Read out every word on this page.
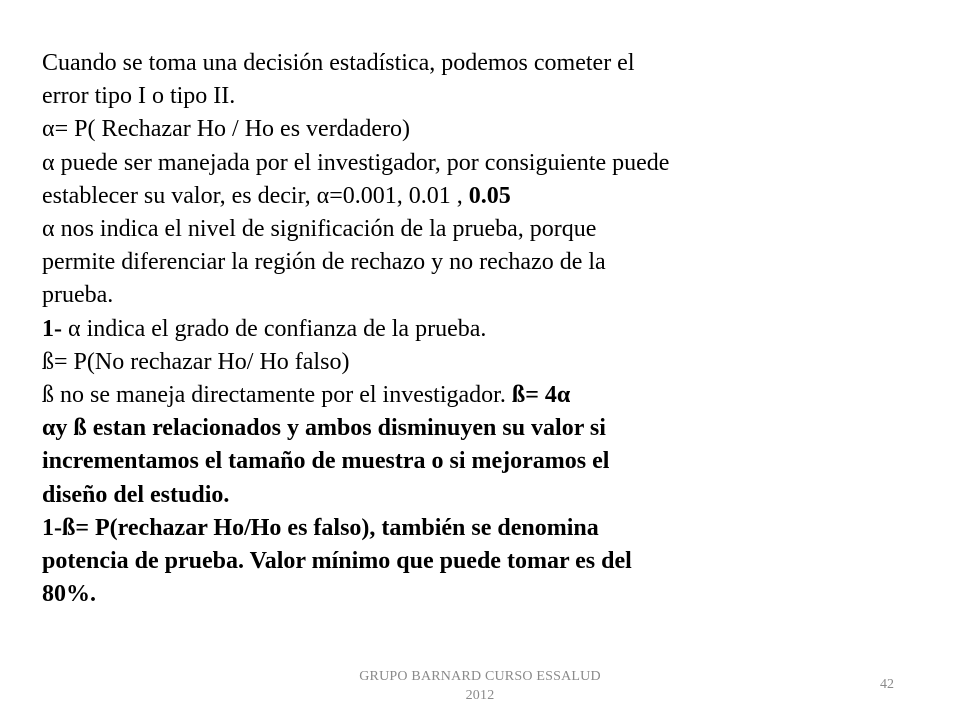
Cuando se toma una decisión estadística, podemos cometer el
error tipo I o tipo II.
α= P( Rechazar Ho / Ho es verdadero)
α puede ser manejada por el investigador, por consiguiente puede
establecer su valor, es decir, α=0.001, 0.01 , 0.05
α nos indica el nivel de significación de la prueba, porque
permite diferenciar la región de rechazo y no rechazo de la
prueba.
1- α indica el grado de confianza de la prueba.
ß= P(No rechazar Ho/ Ho falso)
ß no se maneja directamente por el investigador. ß= 4α
αy ß estan relacionados y ambos disminuyen su valor si
incrementamos el tamaño de muestra o si mejoramos el
diseño del estudio.
1-ß= P(rechazar Ho/Ho es falso), también se denomina
potencia de prueba. Valor mínimo que puede tomar es del
80%.
GRUPO BARNARD CURSO ESSALUD
2012
42
